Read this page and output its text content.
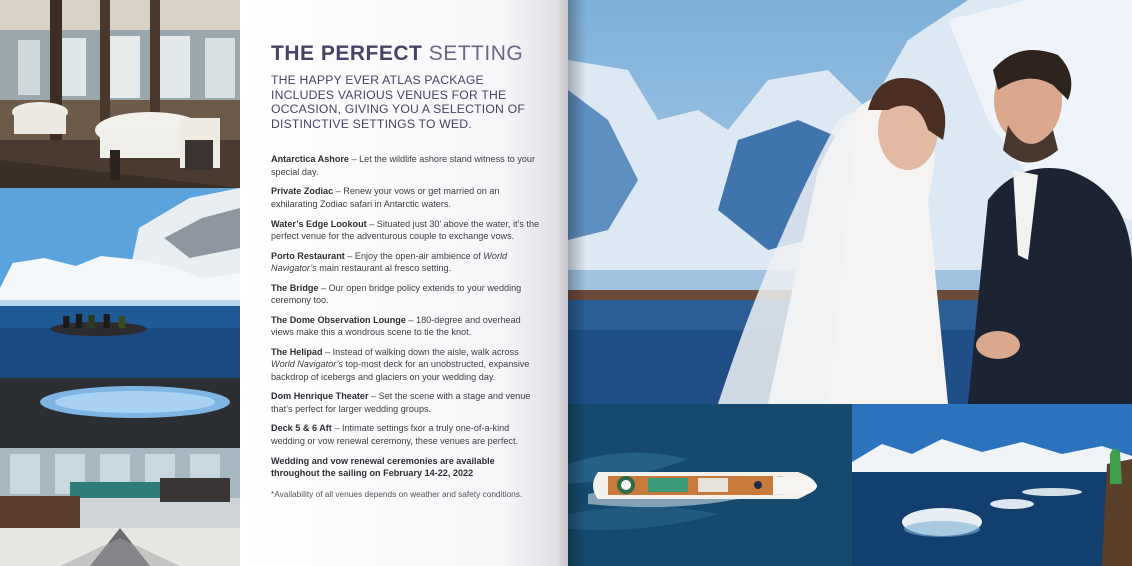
THE PERFECT SETTING

THE HAPPY EVER ATLAS PACKAGE INCLUDES VARIOUS VENUES FOR THE OCCASION, GIVING YOU A SELECTION OF DISTINCTIVE SETTINGS TO WED.

Antarctica Ashore – Let the wildlife ashore stand witness to your special day.

Private Zodiac – Renew your vows or get married on an exhilarating Zodiac safari in Antarctic waters.

Water’s Edge Lookout – Situated just 30’ above the water, it’s the perfect venue for the adventurous couple to exchange vows.

Porto Restaurant – Enjoy the open-air ambience of World Navigator’s main restaurant al fresco setting.

The Bridge – Our open bridge policy extends to your wedding ceremony too.

The Dome Observation Lounge – 180-degree and overhead views make this a wondrous scene to tie the knot.

The Helipad – Instead of walking down the aisle, walk across World Navigator’s top-most deck for an unobstructed, expansive backdrop of icebergs and glaciers on your wedding day.

Dom Henrique Theater – Set the scene with a stage and venue that’s perfect for larger wedding groups.

Deck 5 & 6 Aft – Intimate settings fxor a truly one-of-a-kind wedding or vow renewal ceremony, these venues are perfect.

Wedding and vow renewal ceremonies are available throughout the sailing on February 14-22, 2022

*Availability of all venues depends on weather and safety conditions.
